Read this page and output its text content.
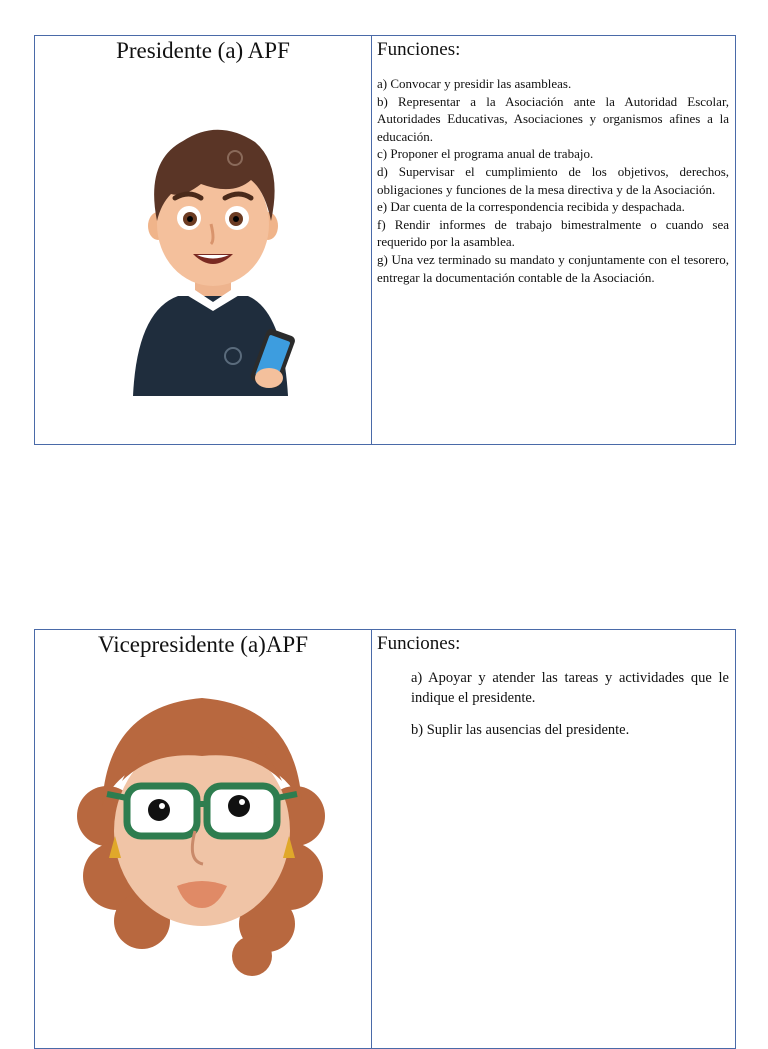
Presidente (a) APF	Funciones:
a) Convocar y presidir las asambleas.
b) Representar a la Asociación ante la Autoridad Escolar, Autoridades Educativas, Asociaciones y organismos afines a la educación.
c) Proponer el programa anual de trabajo.
d) Supervisar el cumplimiento de los objetivos, derechos, obligaciones y funciones de la mesa directiva y de la Asociación.
e) Dar cuenta de la correspondencia recibida y despachada.
f) Rendir informes de trabajo bimestralmente o cuando sea requerido por la asamblea.
g) Una vez terminado su mandato y conjuntamente con el tesorero, entregar la documentación contable de la Asociación.
Vicepresidente (a)APF	Funciones:
a) Apoyar y atender las tareas y actividades que le indique el presidente.
b) Suplir las ausencias del presidente.
